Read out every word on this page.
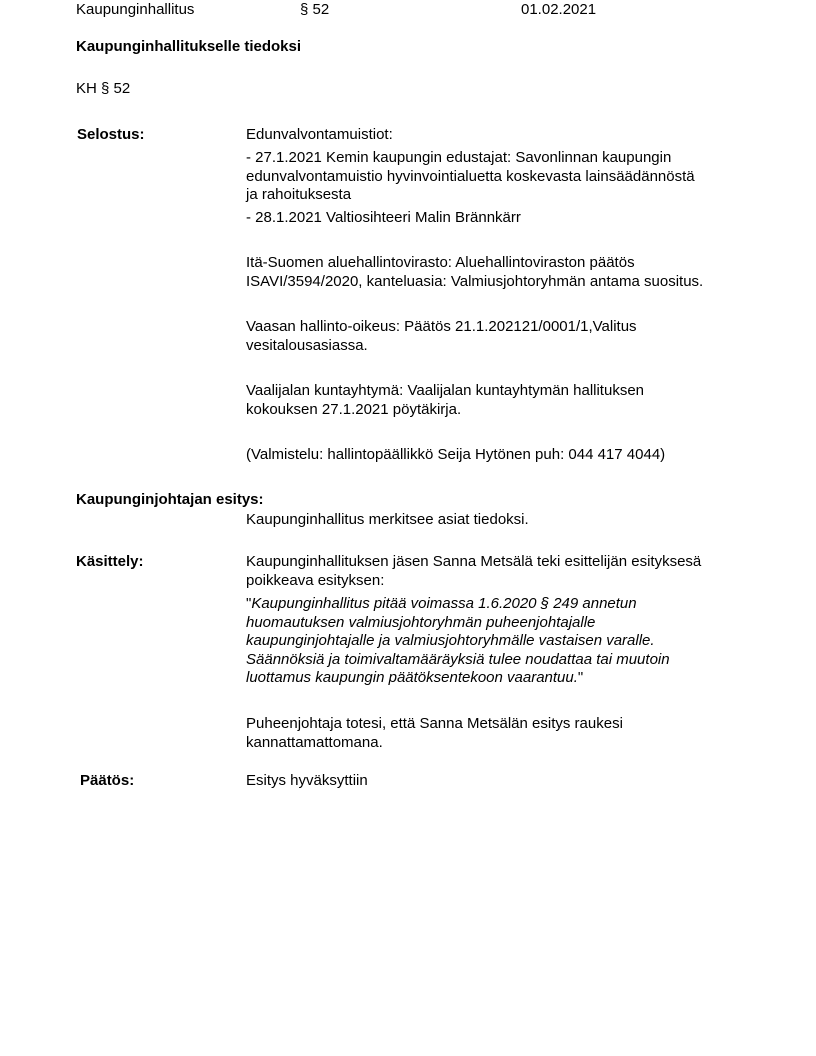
Kaupunginhallitus	§ 52	01.02.2021
Kaupunginhallitukselle tiedoksi
KH § 52
Selostus:	Edunvalvontamuistiot:

- 27.1.2021 Kemin kaupungin edustajat: Savonlinnan kaupungin

edunvalvontamuistio hyvinvointialuetta koskevasta lainsäädännöstä

ja rahoituksesta

- 28.1.2021 Valtiosihteeri Malin Brännkärr

Itä-Suomen aluehallintovirasto: Aluehallintoviraston päätös

ISAVI/3594/2020, kanteluasia: Valmiusjohtoryhmän antama suositus.

Vaasan hallinto-oikeus: Päätös 21.1.202121/0001/1,Valitus

vesitalousasiassa.

Vaalijalan kuntayhtymä: Vaalijalan kuntayhtymän hallituksen

kokouksen 27.1.2021 pöytäkirja.

(Valmistelu: hallintopäällikkö Seija Hytönen puh: 044 417 4044)

Kaupunginjohtajan esitys:

Kaupunginhallitus merkitsee asiat tiedoksi.

Käsittely:	Kaupunginhallituksen jäsen Sanna Metsälä teki esittelijän esityksesä

poikkeava esityksen:

"Kaupunginhallitus pitää voimassa 1.6.2020 § 249 annetun

huomautuksen valmiusjohtoryhmän puheenjohtajalle

kaupunginjohtajalle ja valmiusjohtoryhmälle vastaisen varalle.

Säännöksiä ja toimivaltamääräyksiä tulee noudattaa tai muutoin

luottamus kaupungin päätöksentekoon vaarantuu."

Puheenjohtaja totesi, että Sanna Metsälän esitys raukesi

kannattamattomana.

Päätös:	Esitys hyväksyttiin
